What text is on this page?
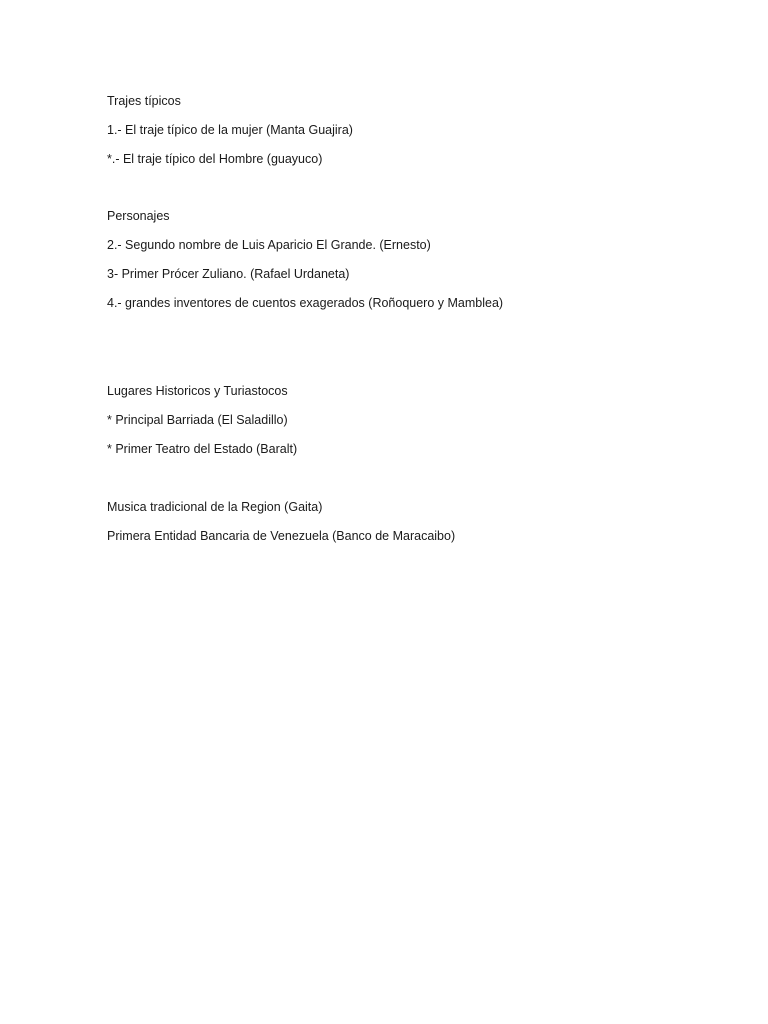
Trajes típicos
1.- El traje típico de la mujer (Manta Guajira)
*.- El traje típico del Hombre (guayuco)
Personajes
2.- Segundo nombre de Luis Aparicio El Grande. (Ernesto)
3- Primer Prócer Zuliano. (Rafael Urdaneta)
4.- grandes inventores de cuentos exagerados (Roñoquero y Mamblea)
Lugares Historicos y Turiastocos
* Principal Barriada (El Saladillo)
* Primer Teatro del Estado (Baralt)
Musica tradicional de la Region (Gaita)
Primera Entidad Bancaria de Venezuela (Banco de Maracaibo)
